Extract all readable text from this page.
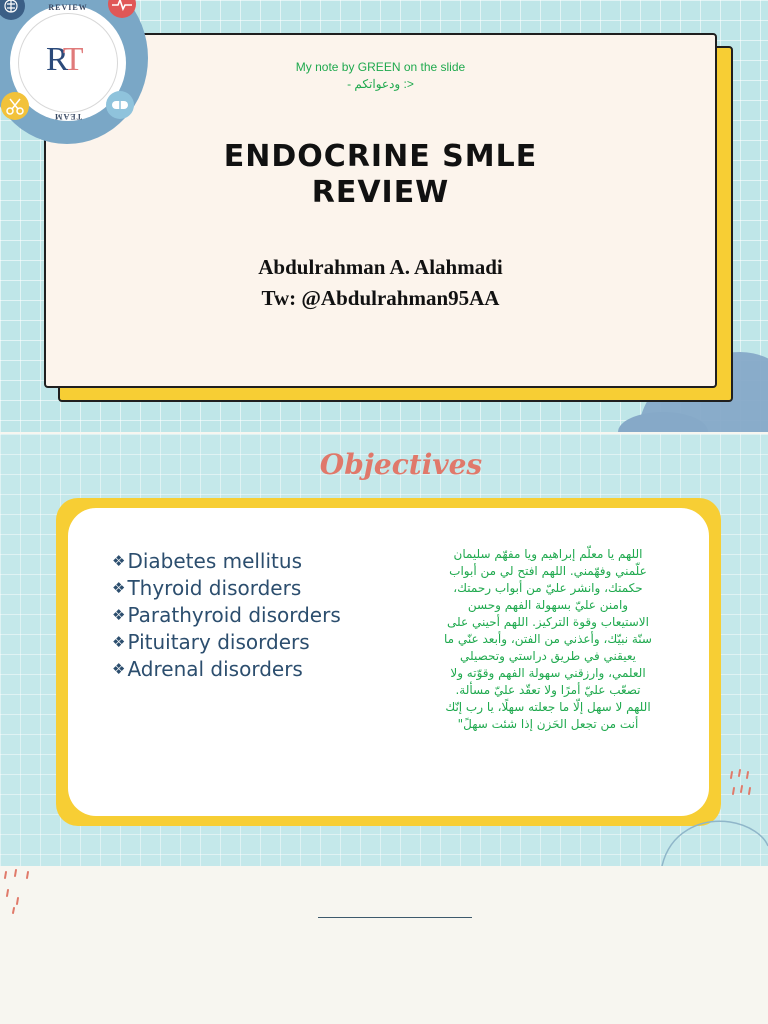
My note by GREEN on the slide
- ودعواتكم :>
ENDOCRINE SMLE
REVIEW
Abdulrahman A. Alahmadi
Tw: @Abdulrahman95AA
REVIEW
TEAM
RT
Objectives
❖ Diabetes mellitus
❖ Thyroid disorders
❖ Parathyroid disorders
❖ Pituitary disorders
❖ Adrenal disorders
اللهم يا معلّم إبراهيم ويا مفهّم سليمان علّمني وفهّمني. اللهم افتح لي من أبواب حكمتك، وانشر عليّ من أبواب رحمتك، وامنن عليّ بسهولة الفهم وحسن الاستيعاب وقوة التركيز. اللهم أحيني على سنّة نبيّك، وأعذني من الفتن، وأبعد عنّي ما يعيقني في طريق دراستي وتحصيلي العلمي، وارزقني سهولة الفهم وقوّته ولا تصعّب عليّ أمرًا ولا تعقّد عليّ مسألة. اللهم لا سهل إلّا ما جعلته سهلًا، يا رب إنّك أنت من تجعل الحَزن إذا شئت سهلً"
